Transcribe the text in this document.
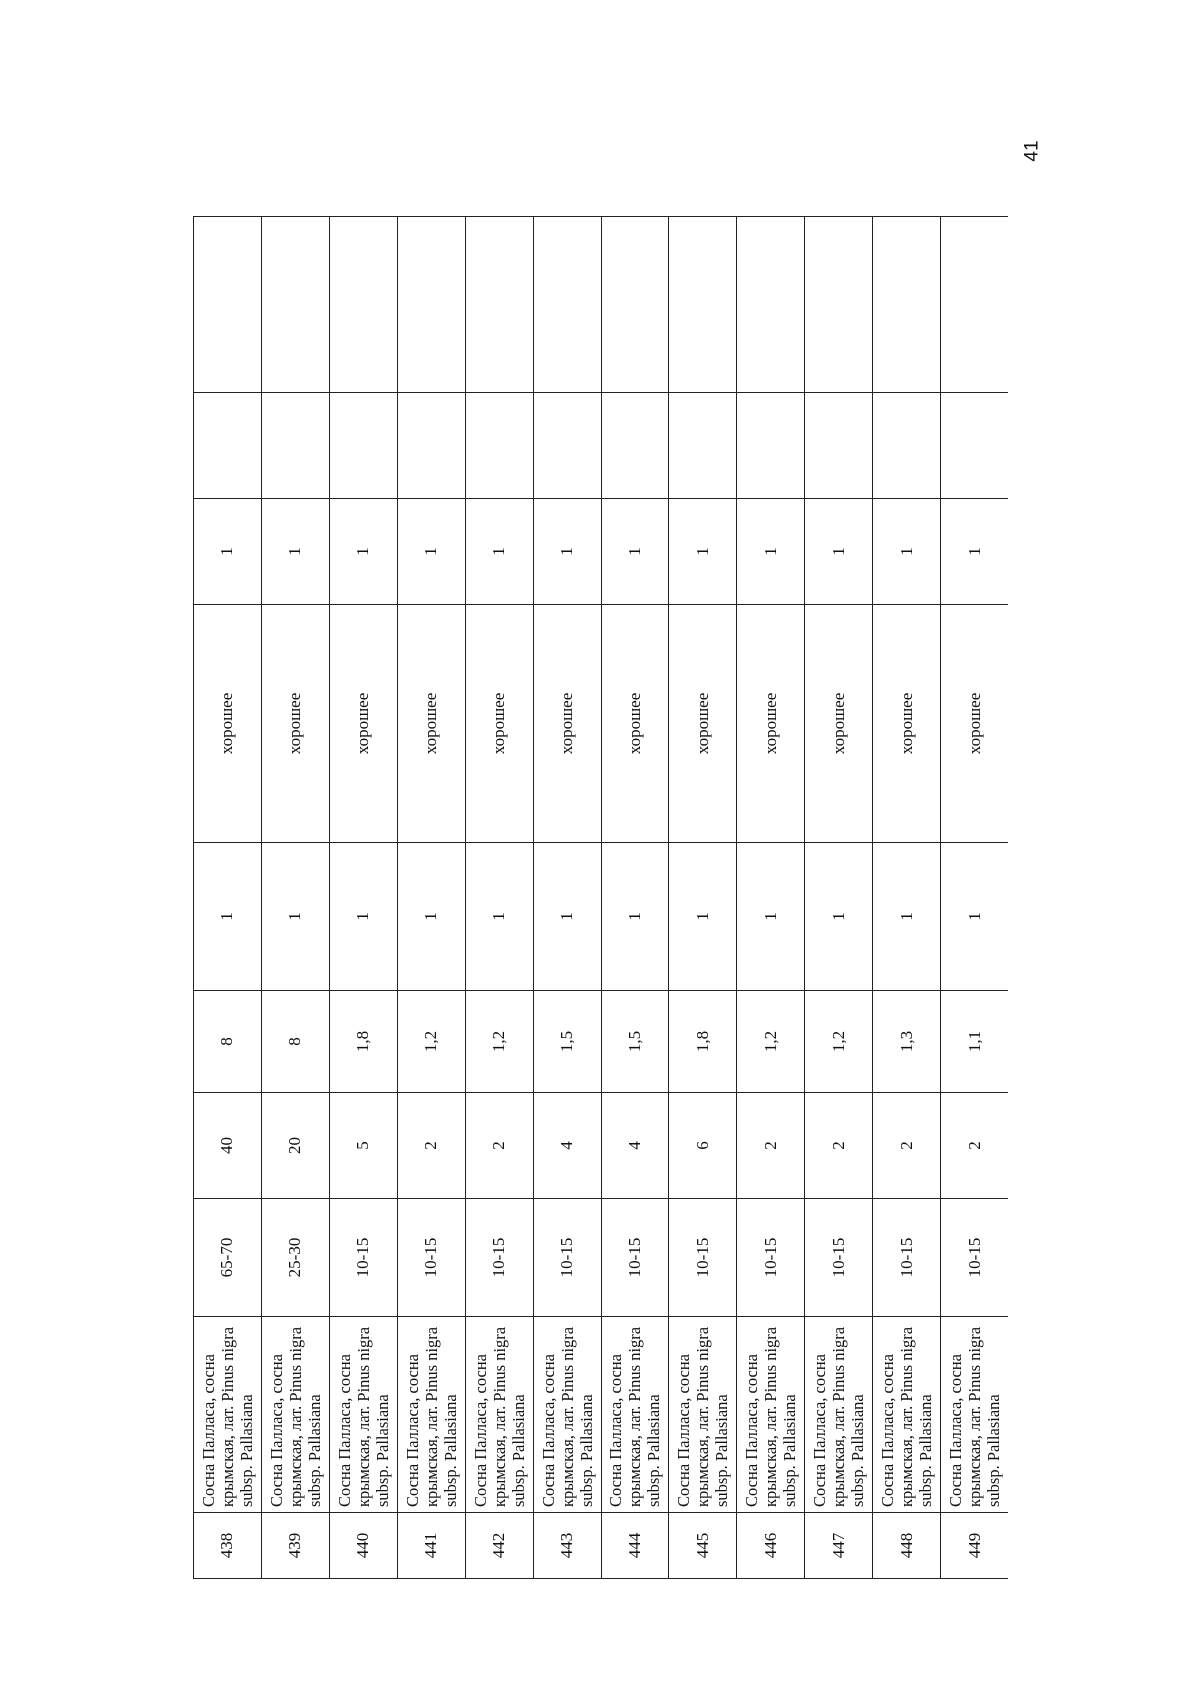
41
438	Сосна Палласа, сосна крымская, лат. Pinus nigra subsp. Pallasiana	65-70	40	8	1	хорошее	1		
439	Сосна Палласа, сосна крымская, лат. Pinus nigra subsp. Pallasiana	25-30	20	8	1	хорошее	1		
440	Сосна Палласа, сосна крымская, лат. Pinus nigra subsp. Pallasiana	10-15	5	1,8	1	хорошее	1		
441	Сосна Палласа, сосна крымская, лат. Pinus nigra subsp. Pallasiana	10-15	2	1,2	1	хорошее	1		
442	Сосна Палласа, сосна крымская, лат. Pinus nigra subsp. Pallasiana	10-15	2	1,2	1	хорошее	1		
443	Сосна Палласа, сосна крымская, лат. Pinus nigra subsp. Pallasiana	10-15	4	1,5	1	хорошее	1		
444	Сосна Палласа, сосна крымская, лат. Pinus nigra subsp. Pallasiana	10-15	4	1,5	1	хорошее	1		
445	Сосна Палласа, сосна крымская, лат. Pinus nigra subsp. Pallasiana	10-15	6	1,8	1	хорошее	1		
446	Сосна Палласа, сосна крымская, лат. Pinus nigra subsp. Pallasiana	10-15	2	1,2	1	хорошее	1		
447	Сосна Палласа, сосна крымская, лат. Pinus nigra subsp. Pallasiana	10-15	2	1,2	1	хорошее	1		
448	Сосна Палласа, сосна крымская, лат. Pinus nigra subsp. Pallasiana	10-15	2	1,3	1	хорошее	1		
449	Сосна Палласа, сосна крымская, лат. Pinus nigra subsp. Pallasiana	10-15	2	1,1	1	хорошее	1		
